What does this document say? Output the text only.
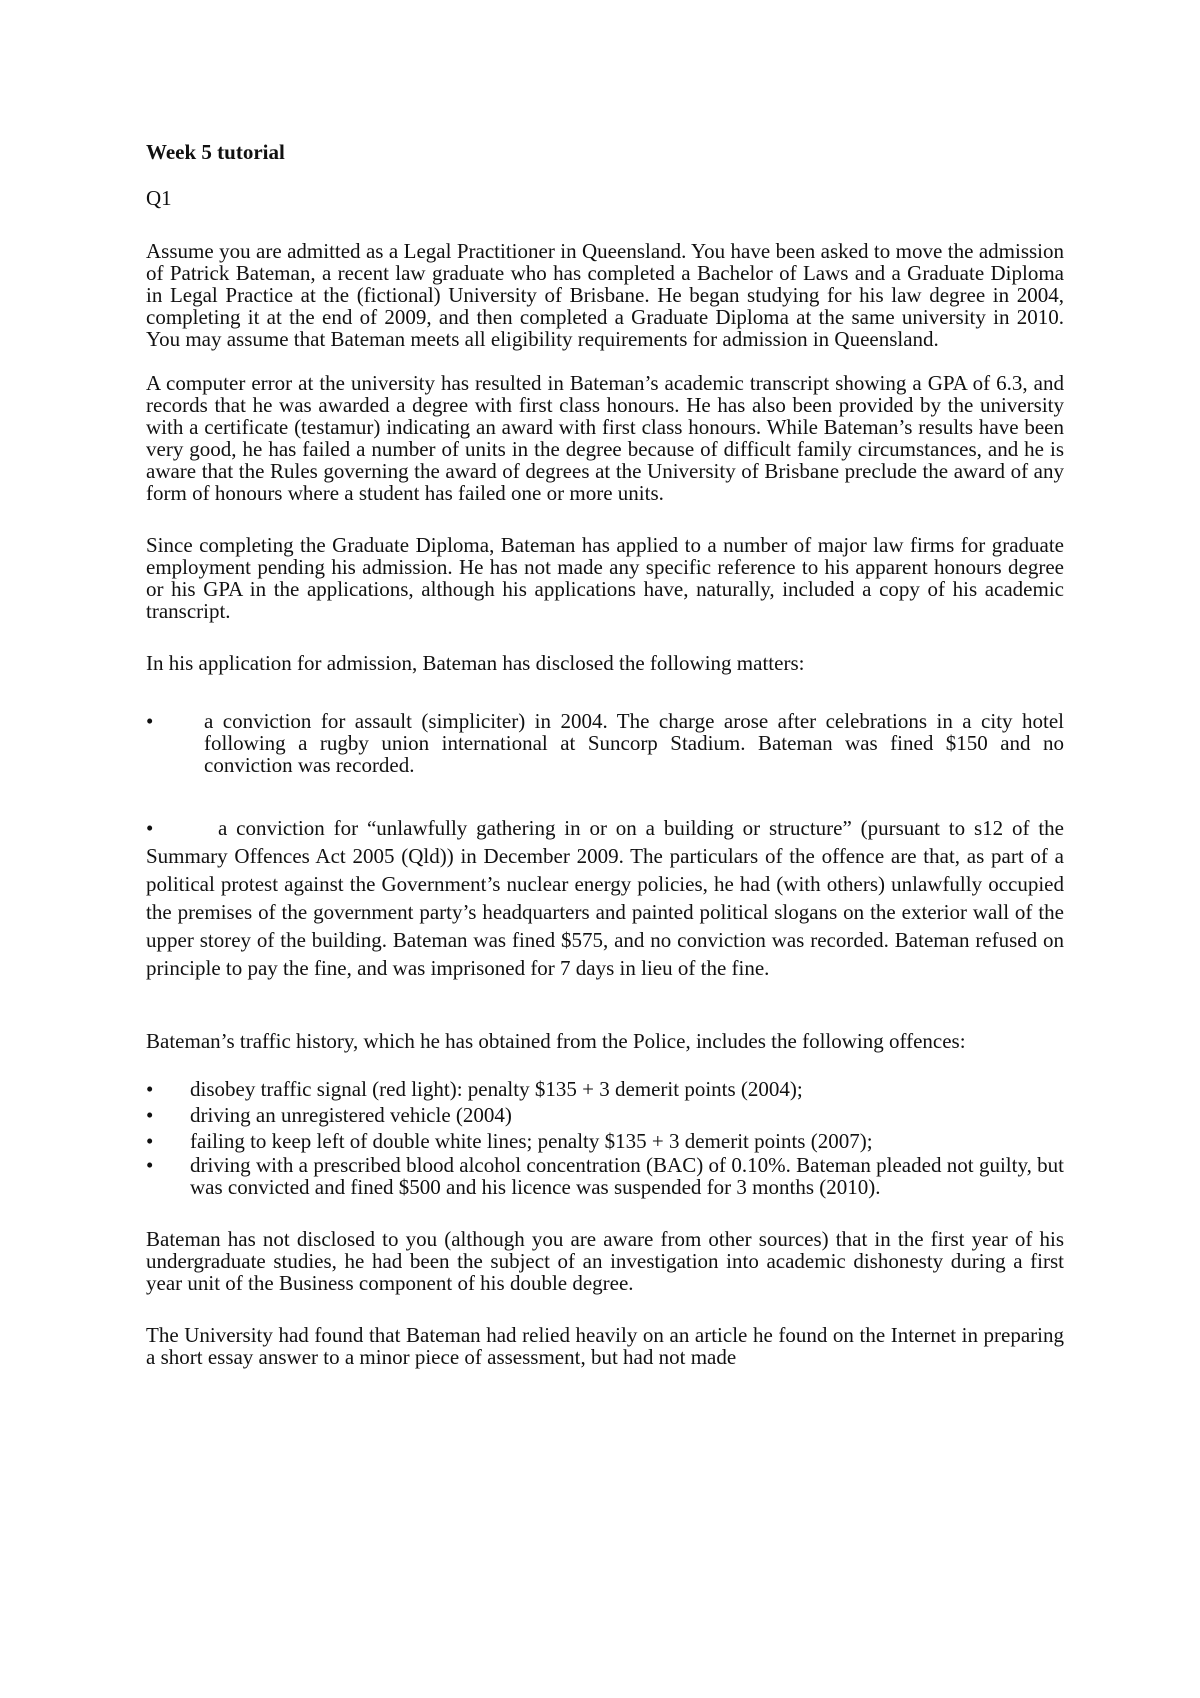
Week 5 tutorial
Q1

Assume you are admitted as a Legal Practitioner in Queensland. You have been asked to move the admission of Patrick Bateman, a recent law graduate who has completed a Bachelor of Laws and a Graduate Diploma in Legal Practice at the (fictional) University of Brisbane. He began studying for his law degree in 2004, completing it at the end of 2009, and then completed a Graduate Diploma at the same university in 2010. You may assume that Bateman meets all eligibility requirements for admission in Queensland.

A computer error at the university has resulted in Bateman’s academic transcript showing a GPA of 6.3, and records that he was awarded a degree with first class honours. He has also been provided by the university with a certificate (testamur) indicating an award with first class honours. While Bateman’s results have been very good, he has failed a number of units in the degree because of difficult family circumstances, and he is aware that the Rules governing the award of degrees at the University of Brisbane preclude the award of any form of honours where a student has failed one or more units.

Since completing the Graduate Diploma, Bateman has applied to a number of major law firms for graduate employment pending his admission. He has not made any specific reference to his apparent honours degree or his GPA in the applications, although his applications have, naturally, included a copy of his academic transcript.

In his application for admission, Bateman has disclosed the following matters:

• a conviction for assault (simpliciter) in 2004. The charge arose after celebrations in a city hotel following a rugby union international at Suncorp Stadium. Bateman was fined $150 and no conviction was recorded.

•	a conviction for “unlawfully gathering in or on a building or structure” (pursuant to s12 of the Summary Offences Act 2005 (Qld)) in December 2009. The particulars of the offence are that, as part of a political protest against the Government’s nuclear energy policies, he had (with others) unlawfully occupied the premises of the government party’s headquarters and painted political slogans on the exterior wall of the upper storey of the building. Bateman was fined $575, and no conviction was recorded. Bateman refused on principle to pay the fine, and was imprisoned for 7 days in lieu of the fine.

Bateman’s traffic history, which he has obtained from the Police, includes the following offences:

• disobey traffic signal (red light): penalty $135 + 3 demerit points (2004);
• driving an unregistered vehicle (2004)
• failing to keep left of double white lines; penalty $135 + 3 demerit points (2007);
• driving with a prescribed blood alcohol concentration (BAC) of 0.10%. Bateman pleaded not guilty, but was convicted and fined $500 and his licence was suspended for 3 months (2010).

Bateman has not disclosed to you (although you are aware from other sources) that in the first year of his undergraduate studies, he had been the subject of an investigation into academic dishonesty during a first year unit of the Business component of his double degree.

The University had found that Bateman had relied heavily on an article he found on the Internet in preparing a short essay answer to a minor piece of assessment, but had not made
